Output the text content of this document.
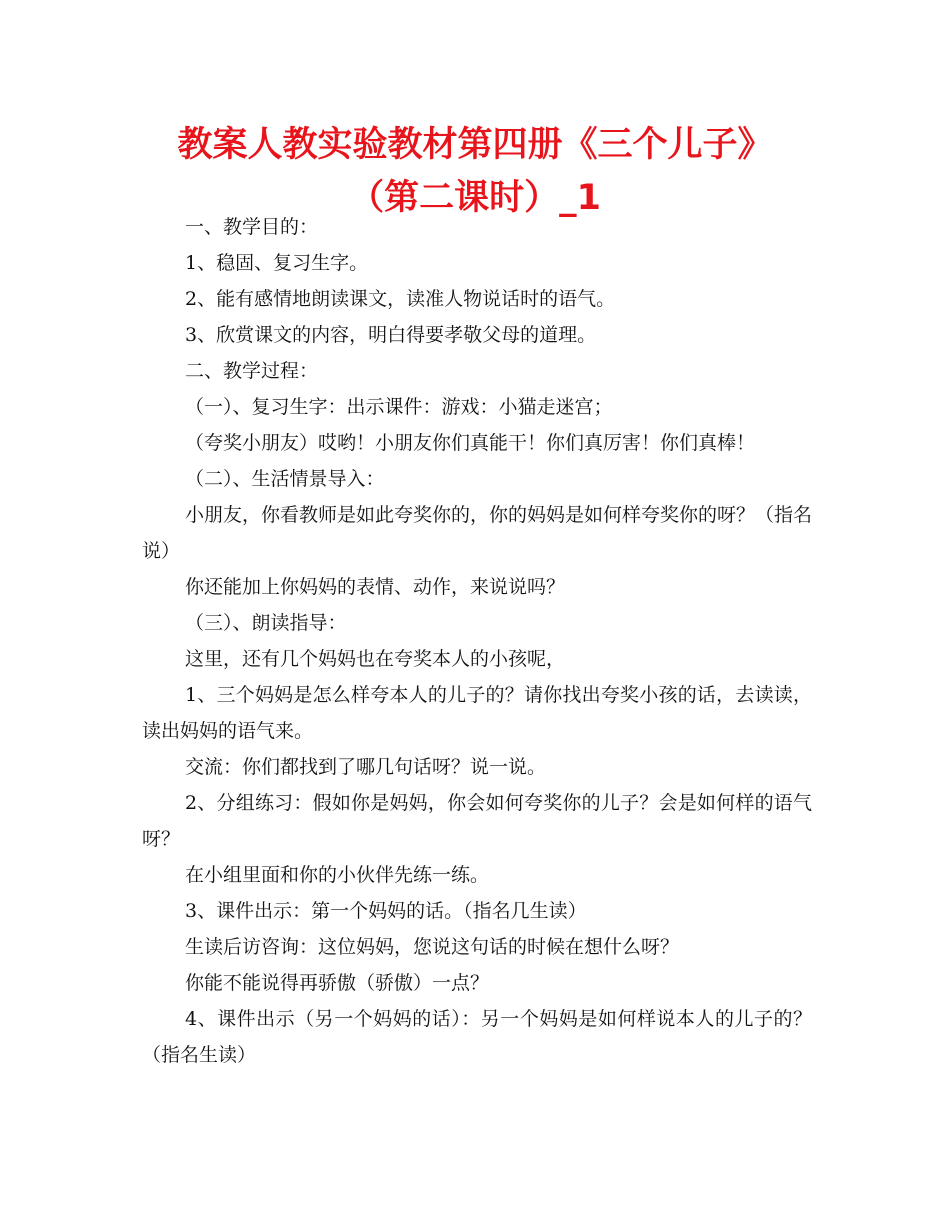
教案人教实验教材第四册《三个儿子》
（第二课时）_1

一、教学目的：

1、稳固、复习生字。

2、能有感情地朗读课文，读准人物说话时的语气。

3、欣赏课文的内容，明白得要孝敬父母的道理。

二、教学过程：

（一）、复习生字：出示课件：游戏：小猫走迷宫；

（夸奖小朋友）哎哟！小朋友你们真能干！你们真厉害！你们真棒！

（二）、生活情景导入：

小朋友，你看教师是如此夸奖你的，你的妈妈是如何样夸奖你的呀？（指名说）

你还能加上你妈妈的表情、动作，来说说吗？

（三）、朗读指导：

这里，还有几个妈妈也在夸奖本人的小孩呢，

1、三个妈妈是怎么样夸本人的儿子的？请你找出夸奖小孩的话，去读读，读出妈妈的语气来。

交流：你们都找到了哪几句话呀？说一说。

2、分组练习：假如你是妈妈，你会如何夸奖你的儿子？会是如何样的语气呀？

在小组里面和你的小伙伴先练一练。

3、课件出示：第一个妈妈的话。（指名几生读）

生读后访咨询：这位妈妈，您说这句话的时候在想什么呀？

你能不能说得再骄傲（骄傲）一点？

4、课件出示（另一个妈妈的话）：另一个妈妈是如何样说本人的儿子的？（指名生读）
